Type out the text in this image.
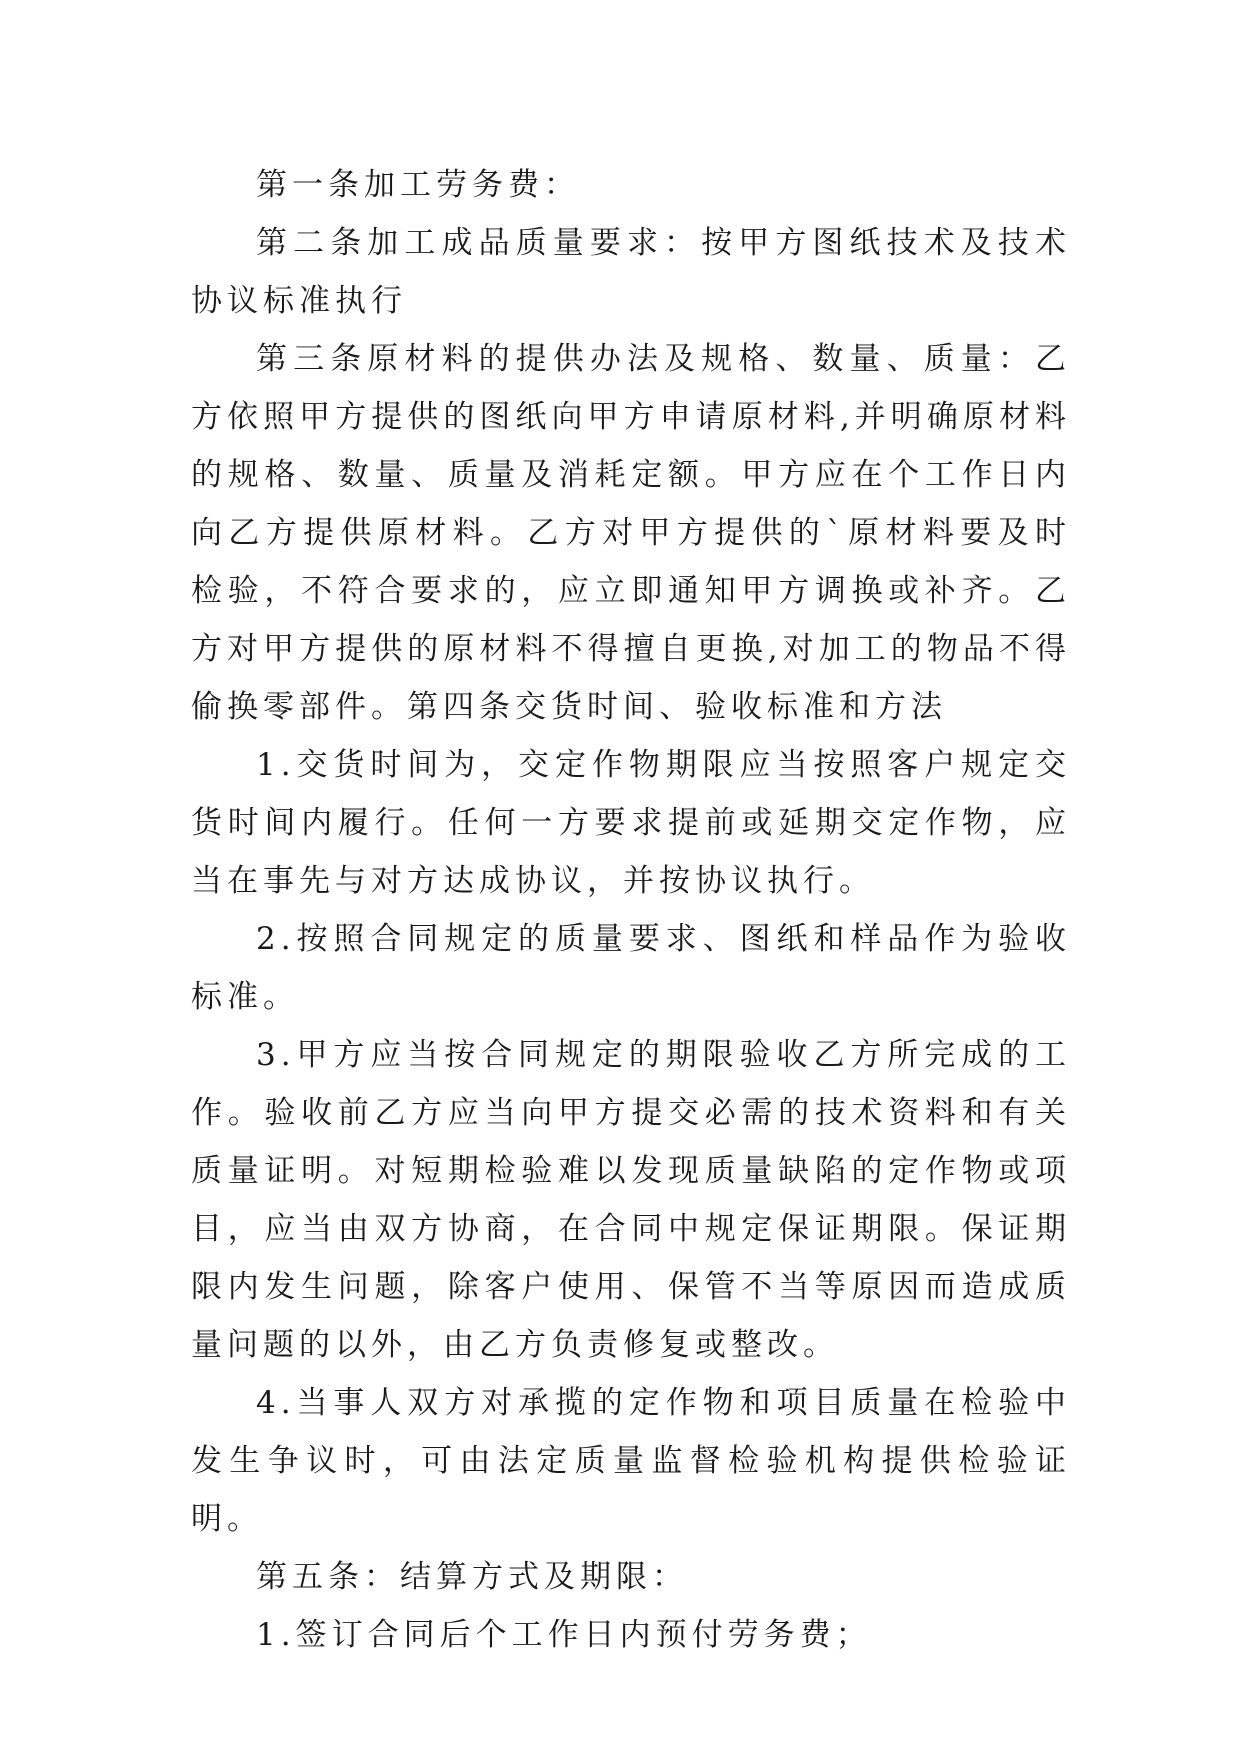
第一条加工劳务费：

第二条加工成品质量要求：按甲方图纸技术及技术协议标准执行

第三条原材料的提供办法及规格、数量、质量：乙方依照甲方提供的图纸向甲方申请原材料,并明确原材料的规格、数量、质量及消耗定额。甲方应在个工作日内向乙方提供原材料。乙方对甲方提供的`原材料要及时检验，不符合要求的，应立即通知甲方调换或补齐。乙方对甲方提供的原材料不得擅自更换,对加工的物品不得偷换零部件。第四条交货时间、验收标准和方法

1.交货时间为，交定作物期限应当按照客户规定交货时间内履行。任何一方要求提前或延期交定作物，应当在事先与对方达成协议，并按协议执行。

2.按照合同规定的质量要求、图纸和样品作为验收标准。

3.甲方应当按合同规定的期限验收乙方所完成的工作。验收前乙方应当向甲方提交必需的技术资料和有关质量证明。对短期检验难以发现质量缺陷的定作物或项目，应当由双方协商，在合同中规定保证期限。保证期限内发生问题，除客户使用、保管不当等原因而造成质量问题的以外，由乙方负责修复或整改。

4.当事人双方对承揽的定作物和项目质量在检验中发生争议时，可由法定质量监督检验机构提供检验证明。

第五条：结算方式及期限：

1.签订合同后个工作日内预付劳务费；
